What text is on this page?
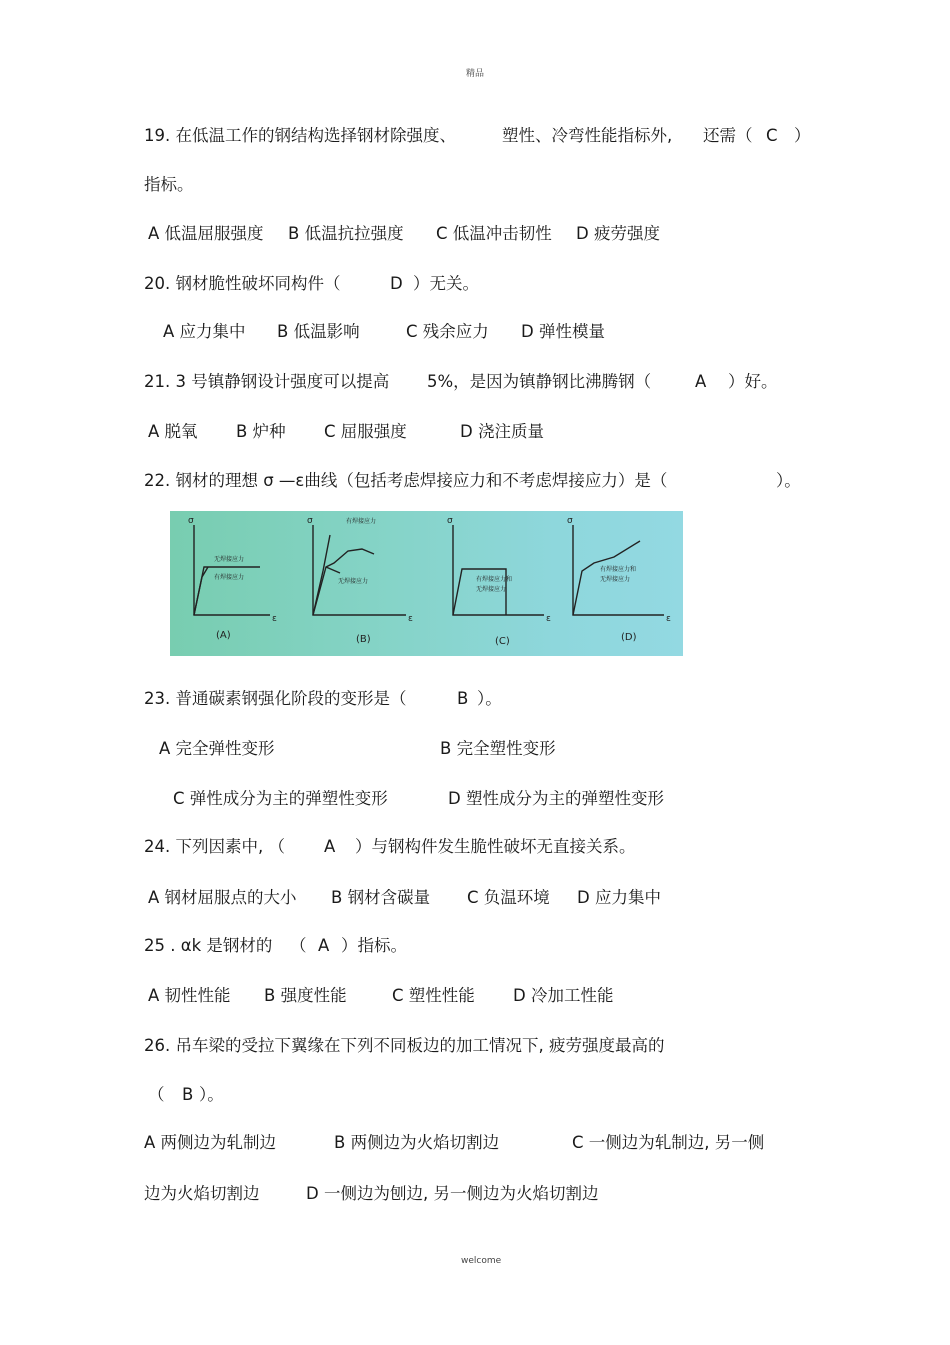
精品
welcome
19. 在低温工作的钢结构选择钢材除强度、	塑性、冷弯性能指标外, 还需（ C ）
指标。
A 低温屈服强度 B 低温抗拉强度 C 低温冲击韧性 D 疲劳强度
20. 钢材脆性破坏同构件（	D ）无关。
A 应力集中 B 低温影响	C 残余应力 D 弹性模量
21. 3 号镇静钢设计强度可以提高 5%，是因为镇静钢比沸腾钢（	A ）好。
A 脱氧 B 炉种 C 屈服强度	D 浇注质量
22. 钢材的理想 σ —ε曲线（包括考虑焊接应力和不考虑焊接应力）是（	）。
σ
ε
σ
ε
σ
ε
σ
ε
无焊接应力
有焊接应力
有焊接应力
无焊接应力	有焊接应力和
无焊接应力
有焊接应力和
无焊接应力
(A)	(B)	(C)	(D)
23. 普通碳素钢强化阶段的变形是（	B ）。
A 完全弹性变形	B 完全塑性变形
C 弹性成分为主的弹塑性变形	D 塑性成分为主的弹塑性变形
24. 下列因素中, （ A ）与钢构件发生脆性破坏无直接关系。
A 钢材屈服点的大小 B 钢材含碳量 C 负温环境 D 应力集中
25 . αk 是钢材的 （ A ）指标。
A 韧性性能 B 强度性能	C 塑性性能 D 冷加工性能
26. 吊车梁的受拉下翼缘在下列不同板边的加工情况下, 疲劳强度最高的
（ B ）。
A 两侧边为轧制边	B 两侧边为火焰切割边	C 一侧边为轧制边, 另一侧
边为火焰切割边	D 一侧边为刨边, 另一侧边为火焰切割边
